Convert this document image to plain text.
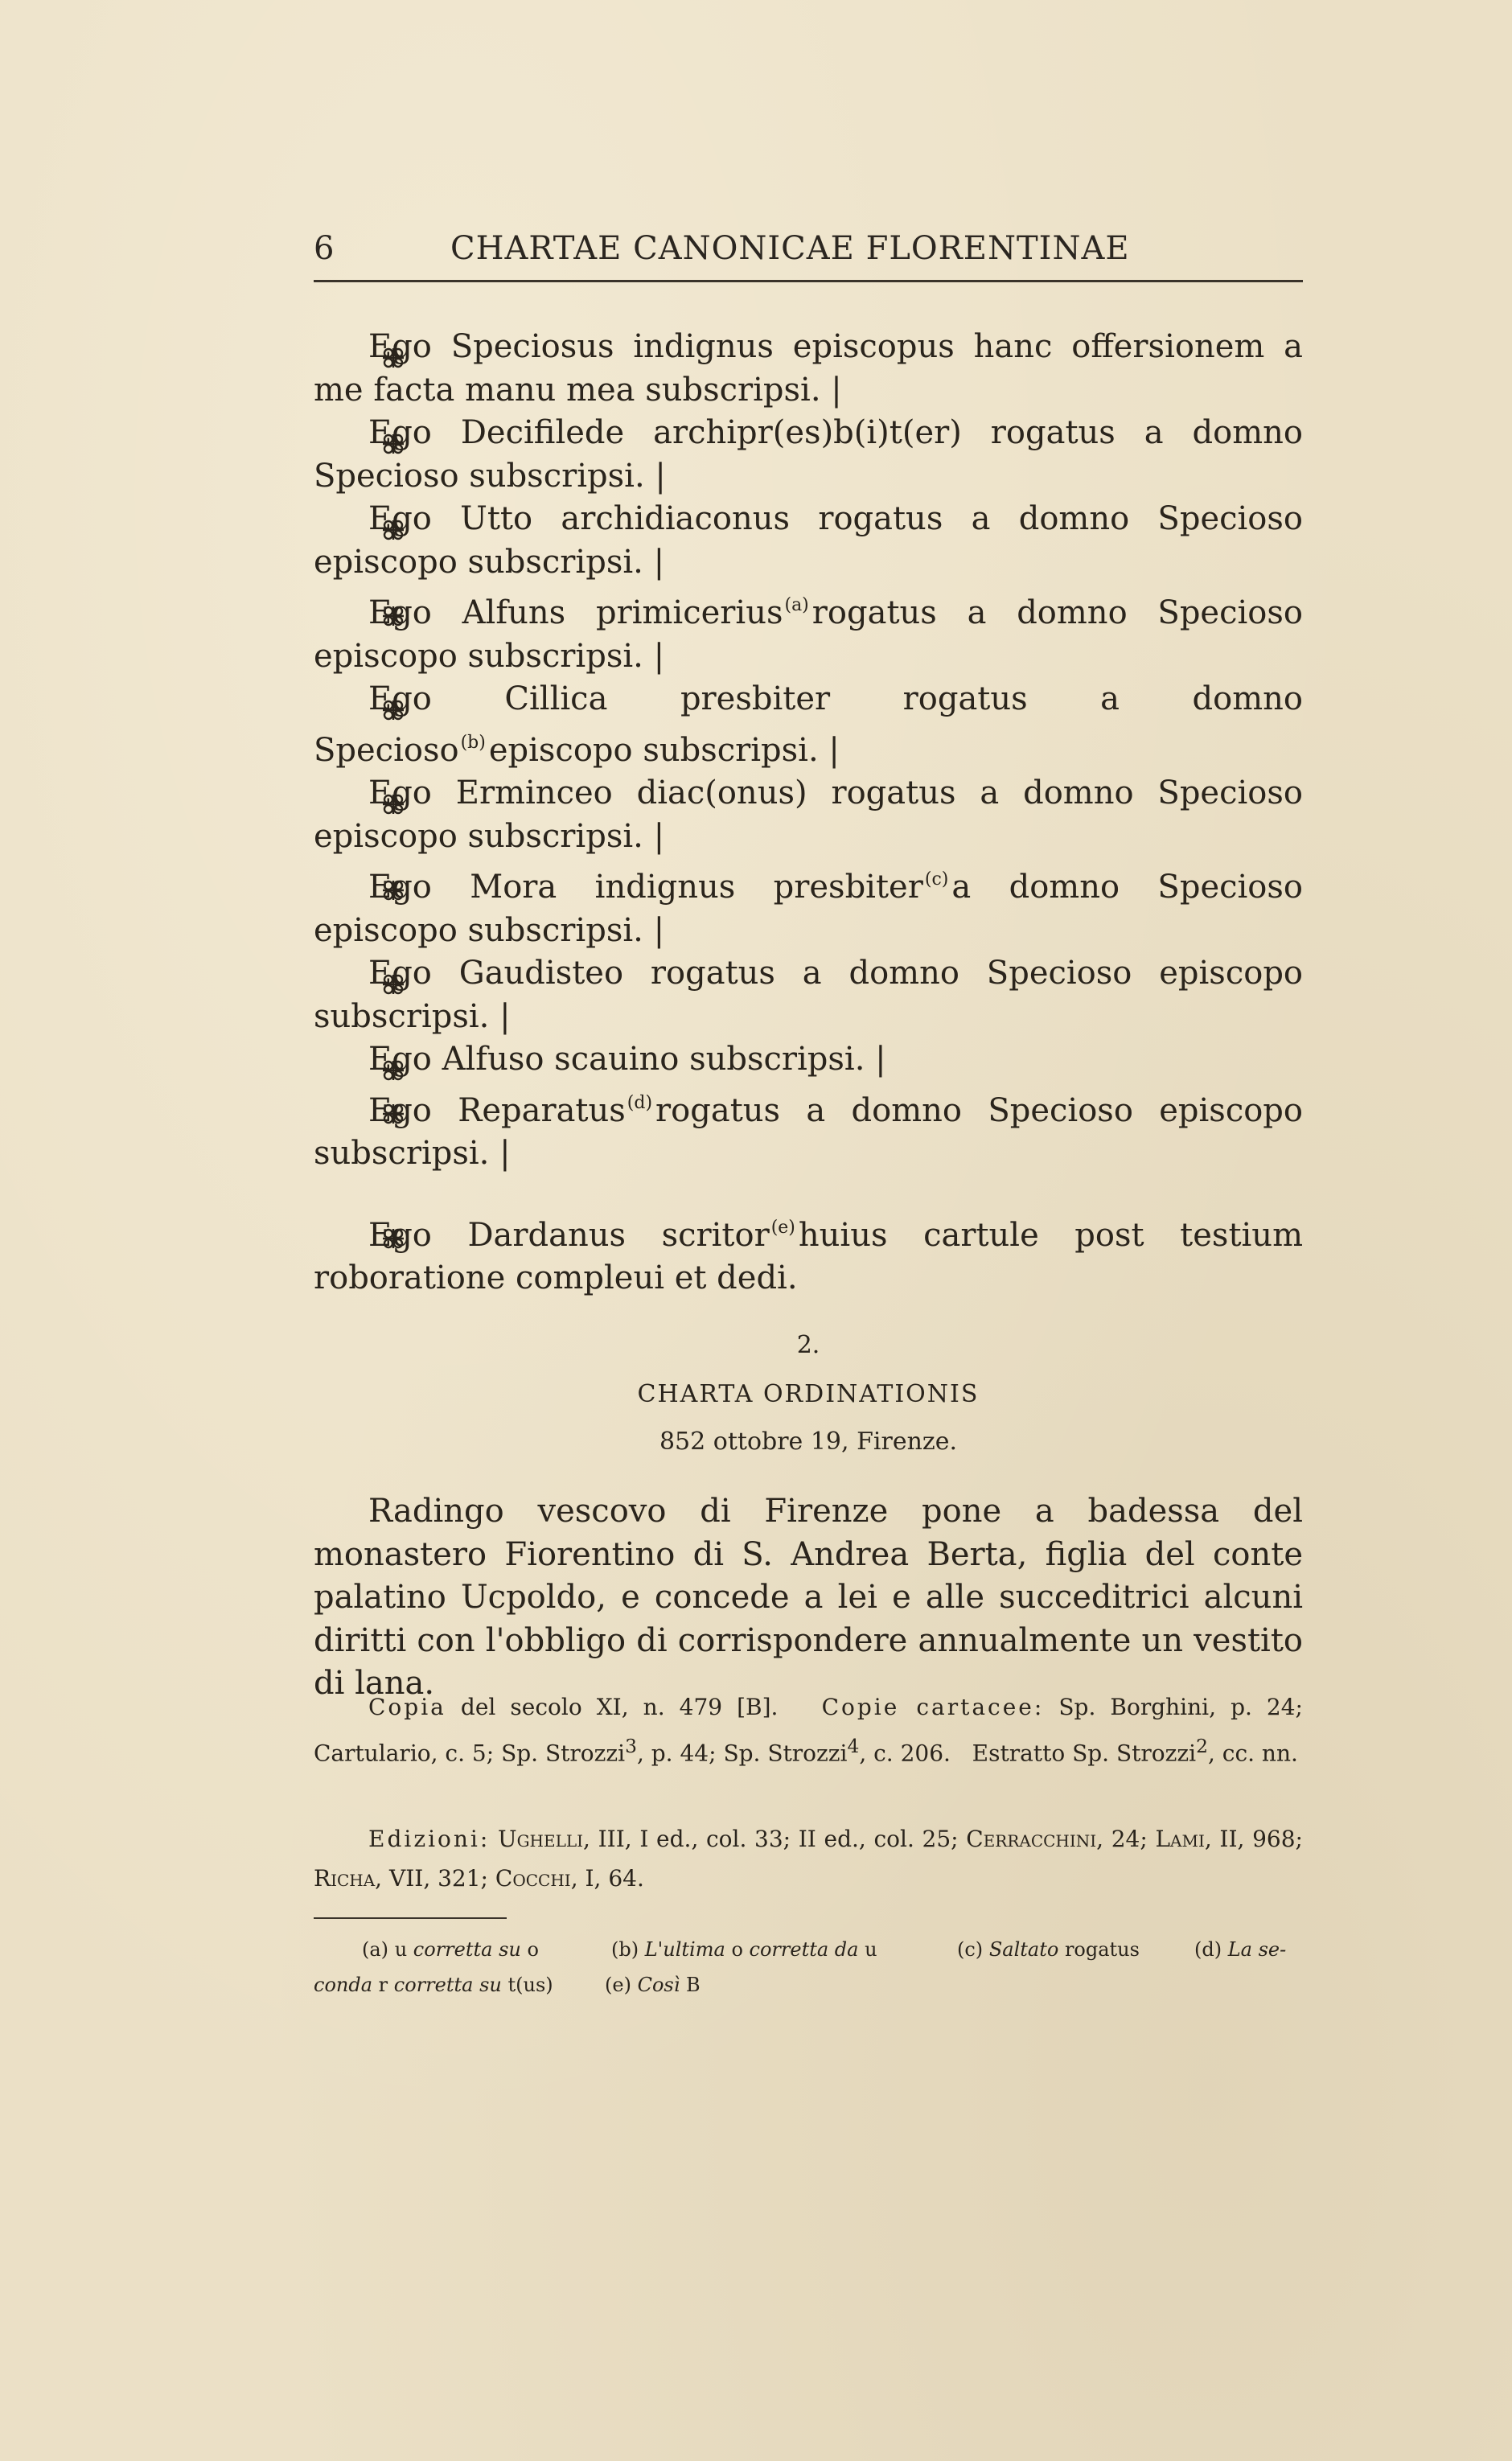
6	CHARTAE CANONICAE FLORENTINAE

Ego Speciosus indignus episcopus hanc offersionem a me facta manu mea subscripsi. |

Ego Decifilede archipr(es)b(i)t(er) rogatus a domno Speciosо subscripsi. |

Ego Utto archidiaconus rogatus a domno Specioso episcopo subscripsi. |

Ego Alfuns primicerius$^{(a)}$ rogatus a domno Specioso episcopo subscripsi. |

Ego Cillica presbiter rogatus a domno Specioso$^{(b)}$ episcopo subscripsi. |

Ego Erminceo diac(onus) rogatus a domno Specioso episcopo subscripsi. |

Ego Mora indignus presbiter$^{(c)}$ a domno Specioso episcopo subscripsi. |

Ego Gaudisteo rogatus a domno Specioso episcopo subscripsi. |

Ego Alfuso scauino subscripsi. |

Ego Reparatus$^{(d)}$ rogatus a domno Specioso episcopo subscripsi. |

Ego Dardanus scritor$^{(e)}$ huius cartule post testium roboratione compleui et dedi.

2.
CHARTA ORDINATIONIS
852 ottobre 19, Firenze.

Radingo vescovo di Firenze pone a badessa del monastero Fiorentino di S. Andrea Berta, figlia del conte palatino Ucpoldo, e concede a lei e alle succeditrici alcuni diritti con l'obbligo di corrispondere annualmente un vestito di lana.

Copia del secolo XI, n. 479 [B]. Copie cartacee: Sp. Borghini, p. 24; Cartulario, c. 5; Sp. Strozzi$^3$, p. 44; Sp. Strozzi$^4$, c. 206. Estratto Sp. Strozzi$^2$, cc. nn.

Edizioni: Ughelli, III, I ed., col. 33; II ed., col. 25; Cerracchini, 24; Lami, II, 968; Richa, VII, 321; Cocchi, I, 64.

(a) u corretta su o	(b) L'ultima o corretta da u	(c) Saltato rogatus	(d) La se-
conda r corretta su t(us)	(e) Così B
